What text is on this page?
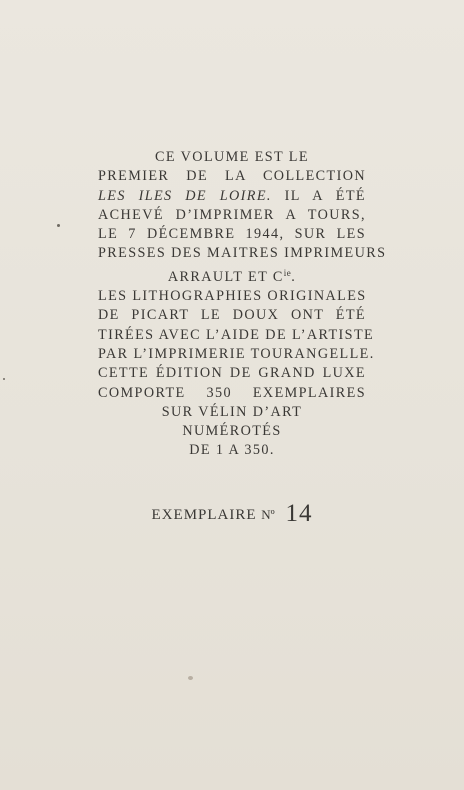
CE VOLUME EST LE
PREMIER DE LA COLLECTION
LES ILES DE LOIRE. IL A ÉTÉ
ACHEVÉ D’IMPRIMER A TOURS,
LE 7 DÉCEMBRE 1944, SUR LES
PRESSES DES MAITRES IMPRIMEURS
ARRAULT ET $C^{ie}$.
LES LITHOGRAPHIES ORIGINALES
DE PICART LE DOUX ONT ÉTÉ
TIRÉES AVEC L’AIDE DE L’ARTISTE
PAR L’IMPRIMERIE TOURANGELLE.
CETTE ÉDITION DE GRAND LUXE
COMPORTE 350 EXEMPLAIRES
SUR VÉLIN D’ART
NUMÉROTÉS
DE 1 A 350.
EXEMPLAIRE Nº 14
